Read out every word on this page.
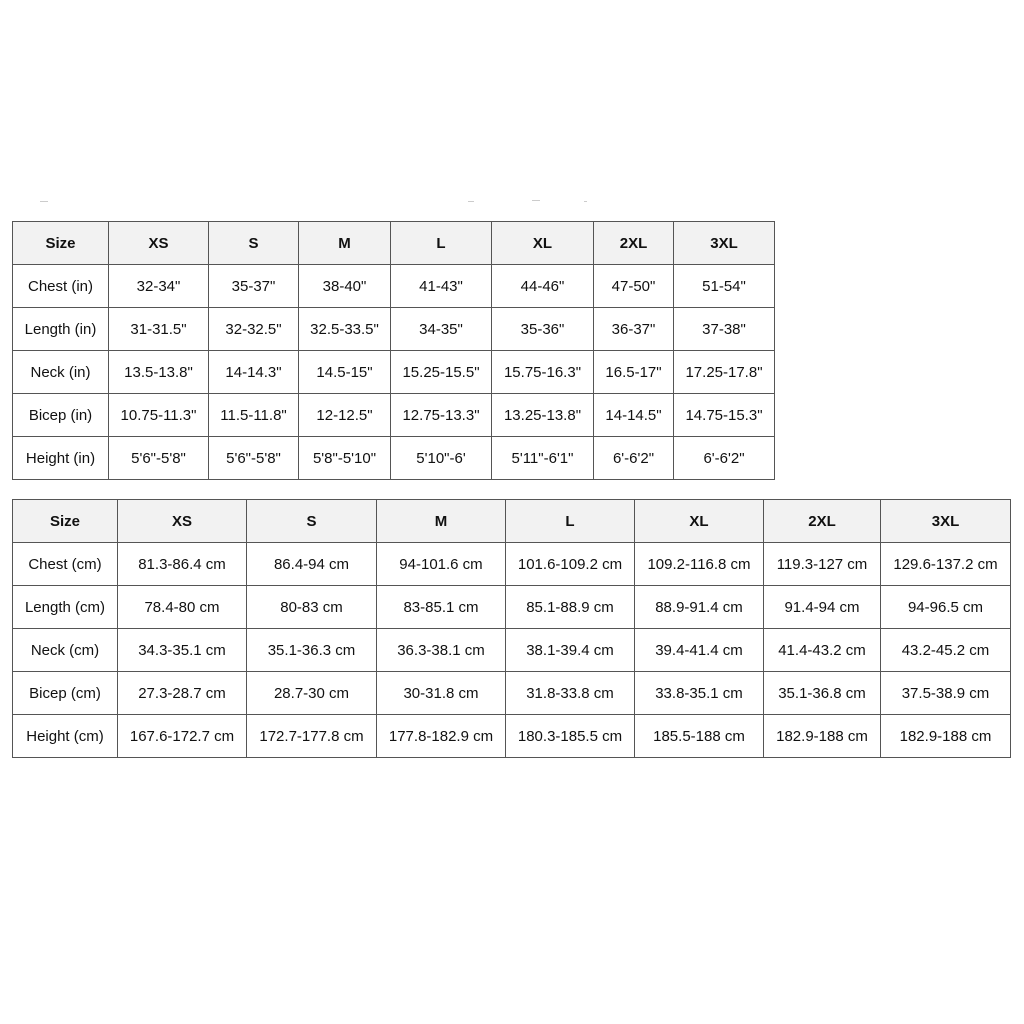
Size	XS	S	M	L	XL	2XL	3XL
Chest (in)	32-34"	35-37"	38-40"	41-43"	44-46"	47-50"	51-54"
Length (in)	31-31.5"	32-32.5"	32.5-33.5"	34-35"	35-36"	36-37"	37-38"
Neck (in)	13.5-13.8"	14-14.3"	14.5-15"	15.25-15.5"	15.75-16.3"	16.5-17"	17.25-17.8"
Bicep (in)	10.75-11.3"	11.5-11.8"	12-12.5"	12.75-13.3"	13.25-13.8"	14-14.5"	14.75-15.3"
Height (in)	5'6"-5'8"	5'6"-5'8"	5'8"-5'10"	5'10"-6'	5'11"-6'1"	6'-6'2"	6'-6'2"
Size	XS	S	M	L	XL	2XL	3XL
Chest (cm)	81.3-86.4 cm	86.4-94 cm	94-101.6 cm	101.6-109.2 cm	109.2-116.8 cm	119.3-127 cm	129.6-137.2 cm
Length (cm)	78.4-80 cm	80-83 cm	83-85.1 cm	85.1-88.9 cm	88.9-91.4 cm	91.4-94 cm	94-96.5 cm
Neck (cm)	34.3-35.1 cm	35.1-36.3 cm	36.3-38.1 cm	38.1-39.4 cm	39.4-41.4 cm	41.4-43.2 cm	43.2-45.2 cm
Bicep (cm)	27.3-28.7 cm	28.7-30 cm	30-31.8 cm	31.8-33.8 cm	33.8-35.1 cm	35.1-36.8 cm	37.5-38.9 cm
Height (cm)	167.6-172.7 cm	172.7-177.8 cm	177.8-182.9 cm	180.3-185.5 cm	185.5-188 cm	182.9-188 cm	182.9-188 cm
